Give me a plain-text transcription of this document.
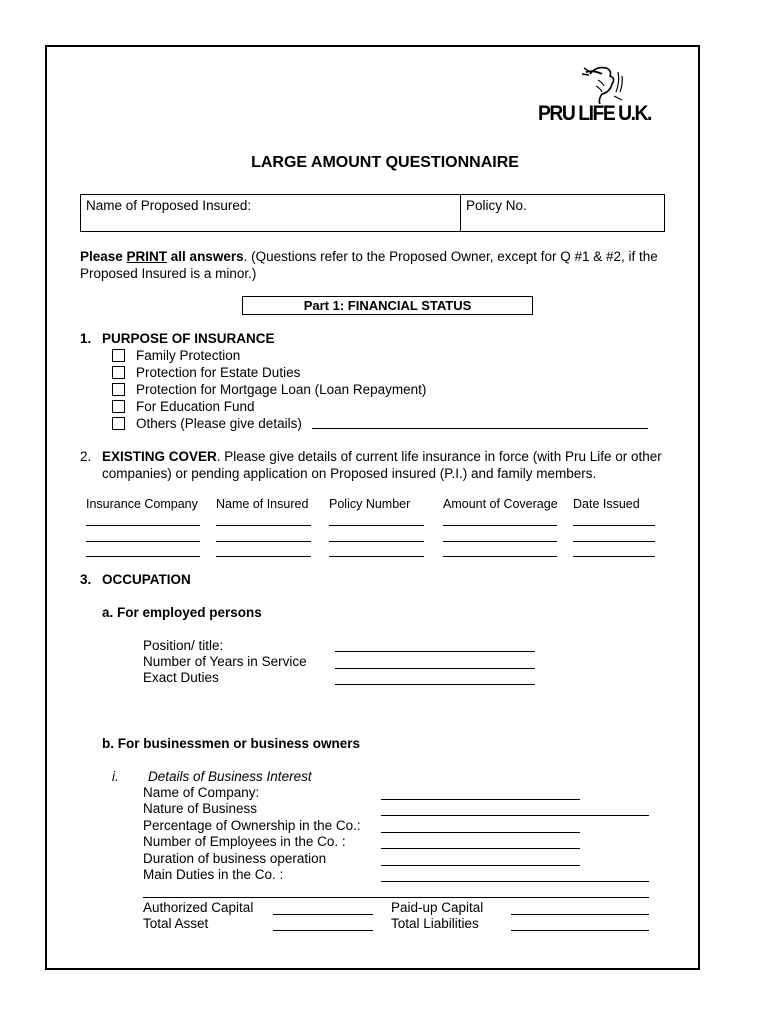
PRU LIFE U.K.
LARGE AMOUNT QUESTIONNAIRE
Name of Proposed Insured:	Policy No.
Please PRINT all answers. (Questions refer to the Proposed Owner, except for Q #1 & #2, if the Proposed Insured is a minor.)
Part 1: FINANCIAL STATUS
1. PURPOSE OF INSURANCE
Family Protection
Protection for Estate Duties
Protection for Mortgage Loan (Loan Repayment)
For Education Fund
Others (Please give details)
2. EXISTING COVER. Please give details of current life insurance in force (with Pru Life or other companies) or pending application on Proposed insured (P.I.) and family members.
Insurance Company Name of Insured Policy Number	Amount of Coverage Date Issued
3. OCCUPATION
a. For employed persons
Position/ title:
Number of Years in Service
Exact Duties
b. For businessmen or business owners
i. Details of Business Interest
Name of Company:
Nature of Business
Percentage of Ownership in the Co.:
Number of Employees in the Co. :
Duration of business operation
Main Duties in the Co. :
Authorized Capital
Total Asset
Paid-up Capital
Total Liabilities
